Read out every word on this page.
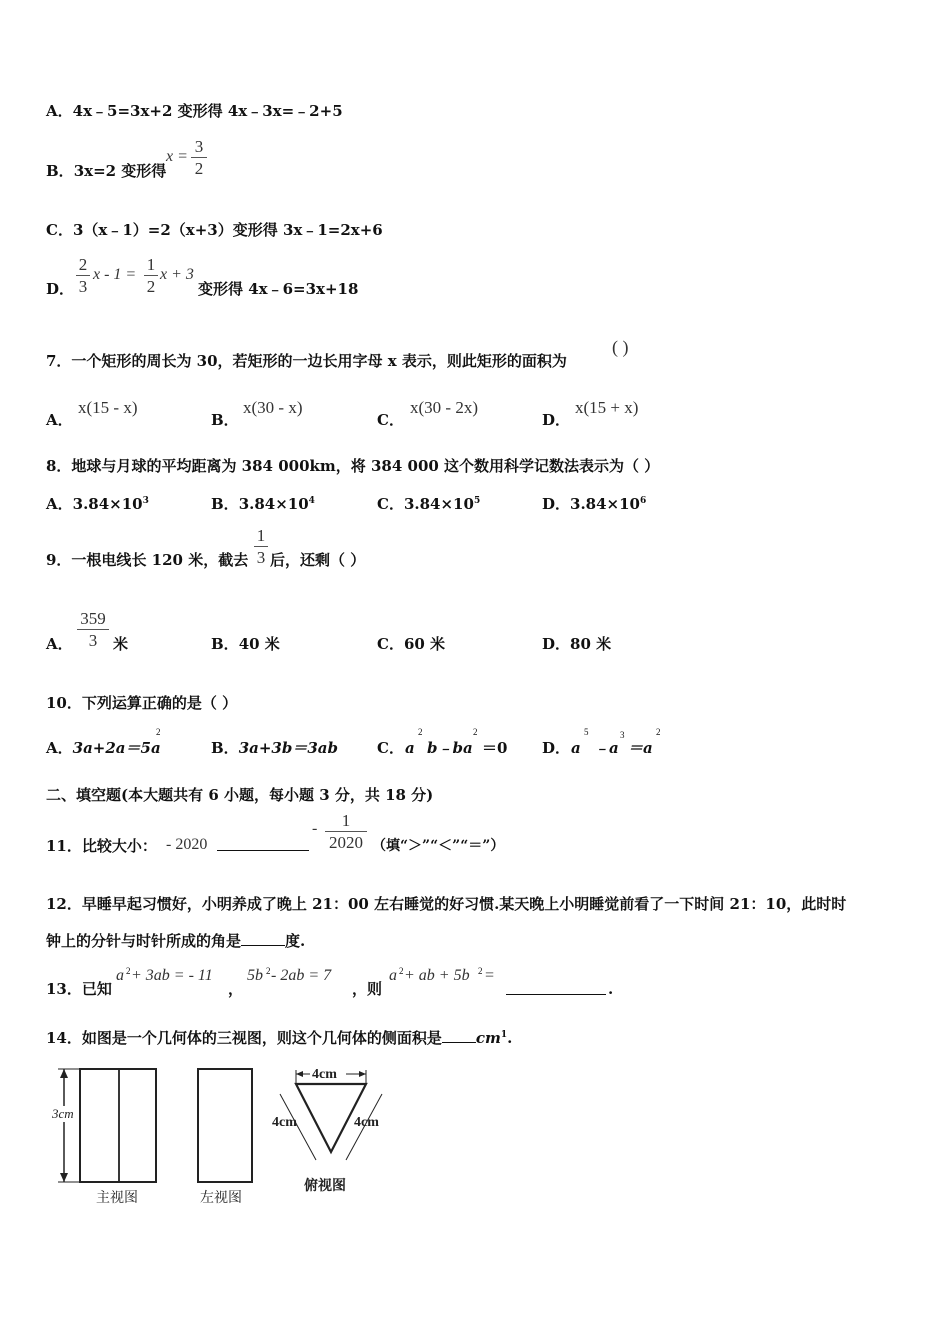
A．4x﹣5=3x+2 变形得 4x﹣3x=﹣2+5
B．3x=2 变形得
x =
3
2
C．3（x﹣1）=2（x+3）变形得 3x﹣1=2x+6
D．
2
3
x - 1 =
1
2
x + 3
变形得 4x﹣6=3x+18
7．一个矩形的周长为 30，若矩形的一边长用字母 x 表示，则此矩形的面积为
( )
A．
x(15 - x)
B．
x(30 - x)
C．
x(30 - 2x)
D．
x(15 + x)
8．地球与月球的平均距离为 384 000km，将 384 000 这个数用科学记数法表示为（ ）
A．$3.84\times 10^3$	B．$3.84\times 10^4$	C．$3.84\times 10^5$	D．$3.84\times 10^6$
9．一根电线长 120 米，截去
1
3 后，还剩（ ）
A．
359
3	米	B．40 米	C．60 米	D．80 米
10．下列运算正确的是（ ）
A．3a+2a＝5a
2
B．3a+3b＝3ab	C． a
2
b﹣ba
2
＝0 D． a
5
﹣a
3
＝a
2
二、填空题(本大题共有 6 小题，每小题 3 分，共 18 分)
11．比较大小： - 2020
-	1
2020 （填“＞”“＜”“＝”）
12．早睡早起习惯好，小明养成了晚上 21：00 左右睡觉的好习惯.某天晚上小明睡觉前看了一下时间 21：10，此时时
钟上的分针与时针所成的角是	度.
13．已知
a 2 + 3ab = - 11
，
5b 2 - 2ab = 7
，则
a 2 + ab + 5b 2 =
.
14．如图是一个几何体的三视图，则这个几何体的侧面积是 $cm^1$.
3cm
主视图	左视图
4cm
4cm	4cm
俯视图
